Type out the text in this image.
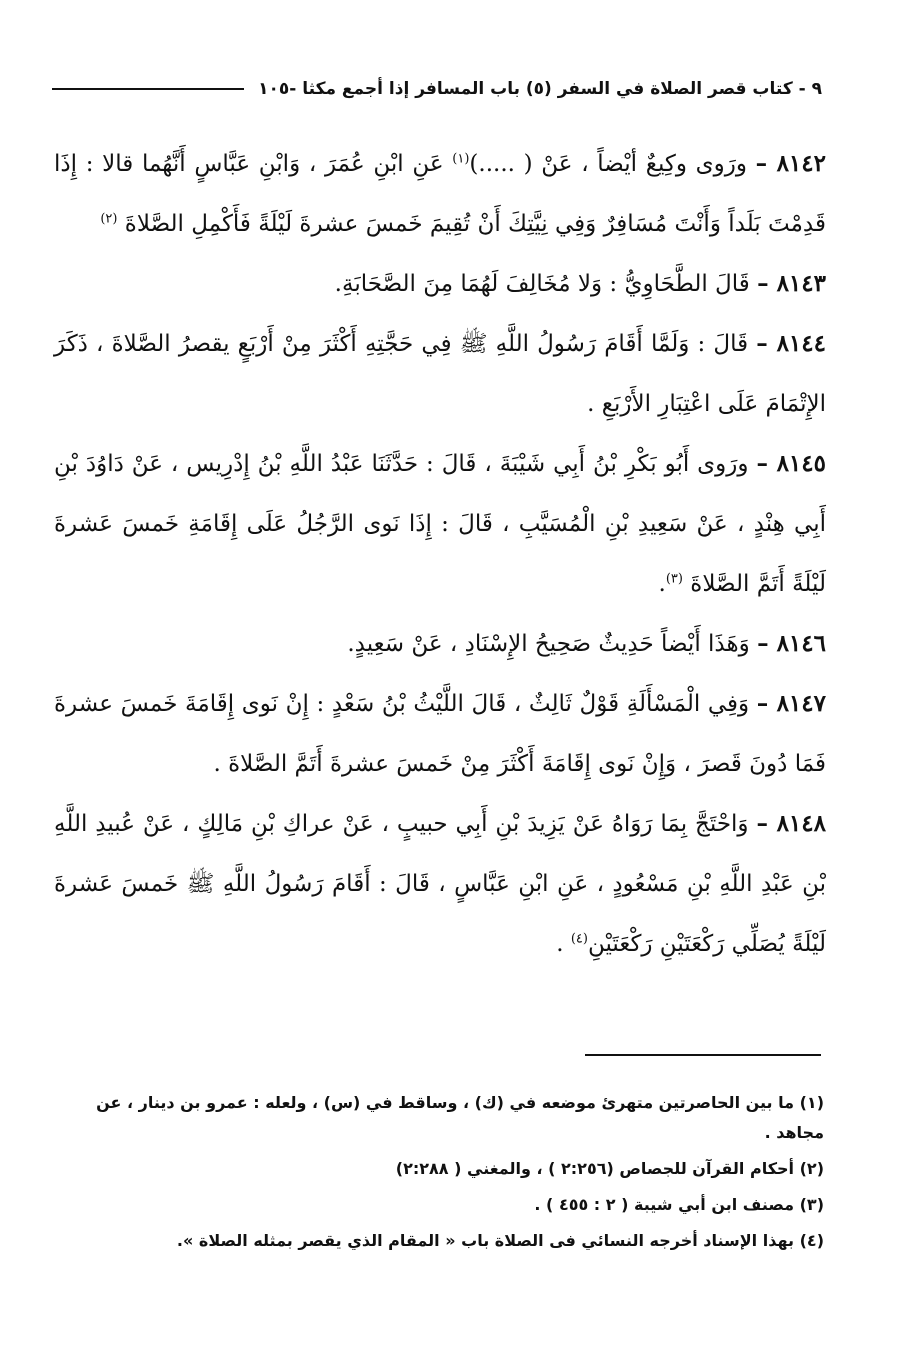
٩ - كتاب قصر الصلاة في السفر (٥) باب المسافر إذا أجمع مكثا -١٠٥

٨١٤٢ – ورَوى وكِيعٌ أيْضاً ، عَنْ ( .....)$^{(١)}$ عَنِ ابْنِ عُمَرَ ، وَابْنِ عَبَّاسٍ أَنَّهُما قالا : إِذَا قَدِمْتَ بَلَداً وَأَنْتَ مُسَافِرٌ وَفِي نِيَّتِكَ أَنْ تُقِيمَ خَمسَ عشرةَ لَيْلَةً فَأَكْمِلِ الصَّلاةَ $^{(٢)}$

٨١٤٣ – قَالَ الطَّحَاوِيُّ : وَلا مُخَالِفَ لَهُمَا مِنَ الصَّحَابَةِ.

٨١٤٤ – قَالَ : وَلَمَّا أَقَامَ رَسُولُ اللَّهِ ﷺ فِي حَجَّتِهِ أَكْثَرَ مِنْ أَرْبَعٍ يقصرُ الصَّلاةَ ، ذَكَرَ الإِتْمَامَ عَلَى اعْتِبَارِ الأَرْبَعِ .

٨١٤٥ – ورَوى أَبُو بَكْرِ بْنُ أَبِي شَيْبَةَ ، قَالَ : حَدَّثَنَا عَبْدُ اللَّهِ بْنُ إِدْرِيس ، عَنْ دَاوُدَ بْنِ أَبِي هِنْدٍ ، عَنْ سَعِيدِ بْنِ الْمُسَيَّبِ ، قَالَ : إِذَا نَوى الرَّجُلُ عَلَى إِقَامَةِ خَمسَ عَشرةَ لَيْلَةً أَتَمَّ الصَّلاةَ $^{(٣)}$.

٨١٤٦ – وَهَذَا أَيْضاً حَدِيثٌ صَحِيحُ الإِسْنَادِ ، عَنْ سَعِيدٍ.

٨١٤٧ – وَفِي الْمَسْأَلَةِ قَوْلٌ ثَالِثٌ ، قَالَ اللَّيْثُ بْنُ سَعْدٍ : إِنْ نَوى إِقَامَةَ خَمسَ عشرةَ فَمَا دُونَ قَصرَ ، وَإِنْ نَوى إِقَامَةَ أَكْثَرَ مِنْ خَمسَ عشرةَ أَتَمَّ الصَّلاةَ .

٨١٤٨ – وَاحْتَجَّ بِمَا رَوَاهُ عَنْ يَزِيدَ بْنِ أَبِي حبيبٍ ، عَنْ عراكِ بْنِ مَالِكٍ ، عَنْ عُبيدِ اللَّهِ بْنِ عَبْدِ اللَّهِ بْنِ مَسْعُودٍ ، عَنِ ابْنِ عَبَّاسٍ ، قَالَ : أَقَامَ رَسُولُ اللَّهِ ﷺ خَمسَ عَشرةَ لَيْلَةً يُصَلِّي رَكْعَتَيْنِ رَكْعَتَيْنِ$^{(٤)}$ .

(١) ما بين الحاصرتين متهرئ موضعه في (ك) ، وساقط في (س) ، ولعله : عمرو بن دينار ، عن مجاهد .

(٢) أحكام القرآن للجصاص (٢:٢٥٦ ) ، والمغني ( ٢:٢٨٨)

(٣) مصنف ابن أبي شيبة ( ٢ : ٤٥٥ ) .

(٤) بهذا الإسناد أخرجه النسائي فى الصلاة باب « المقام الذي يقصر بمثله الصلاة ».
